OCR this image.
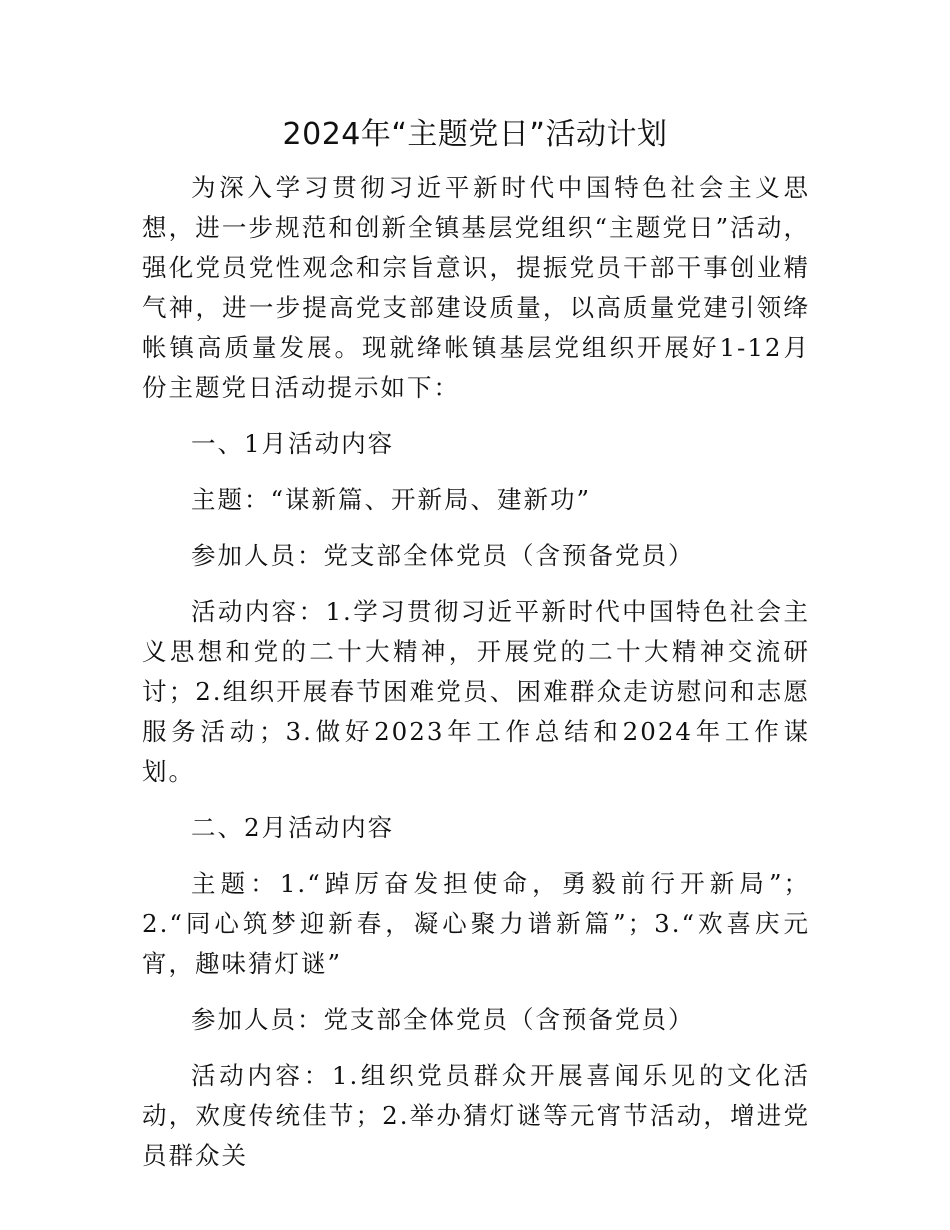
2024年“主题党日”活动计划

为深入学习贯彻习近平新时代中国特色社会主义思想，进一步规范和创新全镇基层党组织“主题党日”活动，强化党员党性观念和宗旨意识，提振党员干部干事创业精气神，进一步提高党支部建设质量，以高质量党建引领绛帐镇高质量发展。现就绛帐镇基层党组织开展好1-12月份主题党日活动提示如下：

一、1月活动内容

主题：“谋新篇、开新局、建新功”

参加人员：党支部全体党员（含预备党员）

活动内容：1.学习贯彻习近平新时代中国特色社会主义思想和党的二十大精神，开展党的二十大精神交流研讨；2.组织开展春节困难党员、困难群众走访慰问和志愿服务活动；3.做好2023年工作总结和2024年工作谋划。

二、2月活动内容

主题：1.“踔厉奋发担使命，勇毅前行开新局”；2.“同心筑梦迎新春，凝心聚力谱新篇”；3.“欢喜庆元宵，趣味猜灯谜”

参加人员：党支部全体党员（含预备党员）

活动内容：1.组织党员群众开展喜闻乐见的文化活动，欢度传统佳节；2.举办猜灯谜等元宵节活动，增进党员群众关
